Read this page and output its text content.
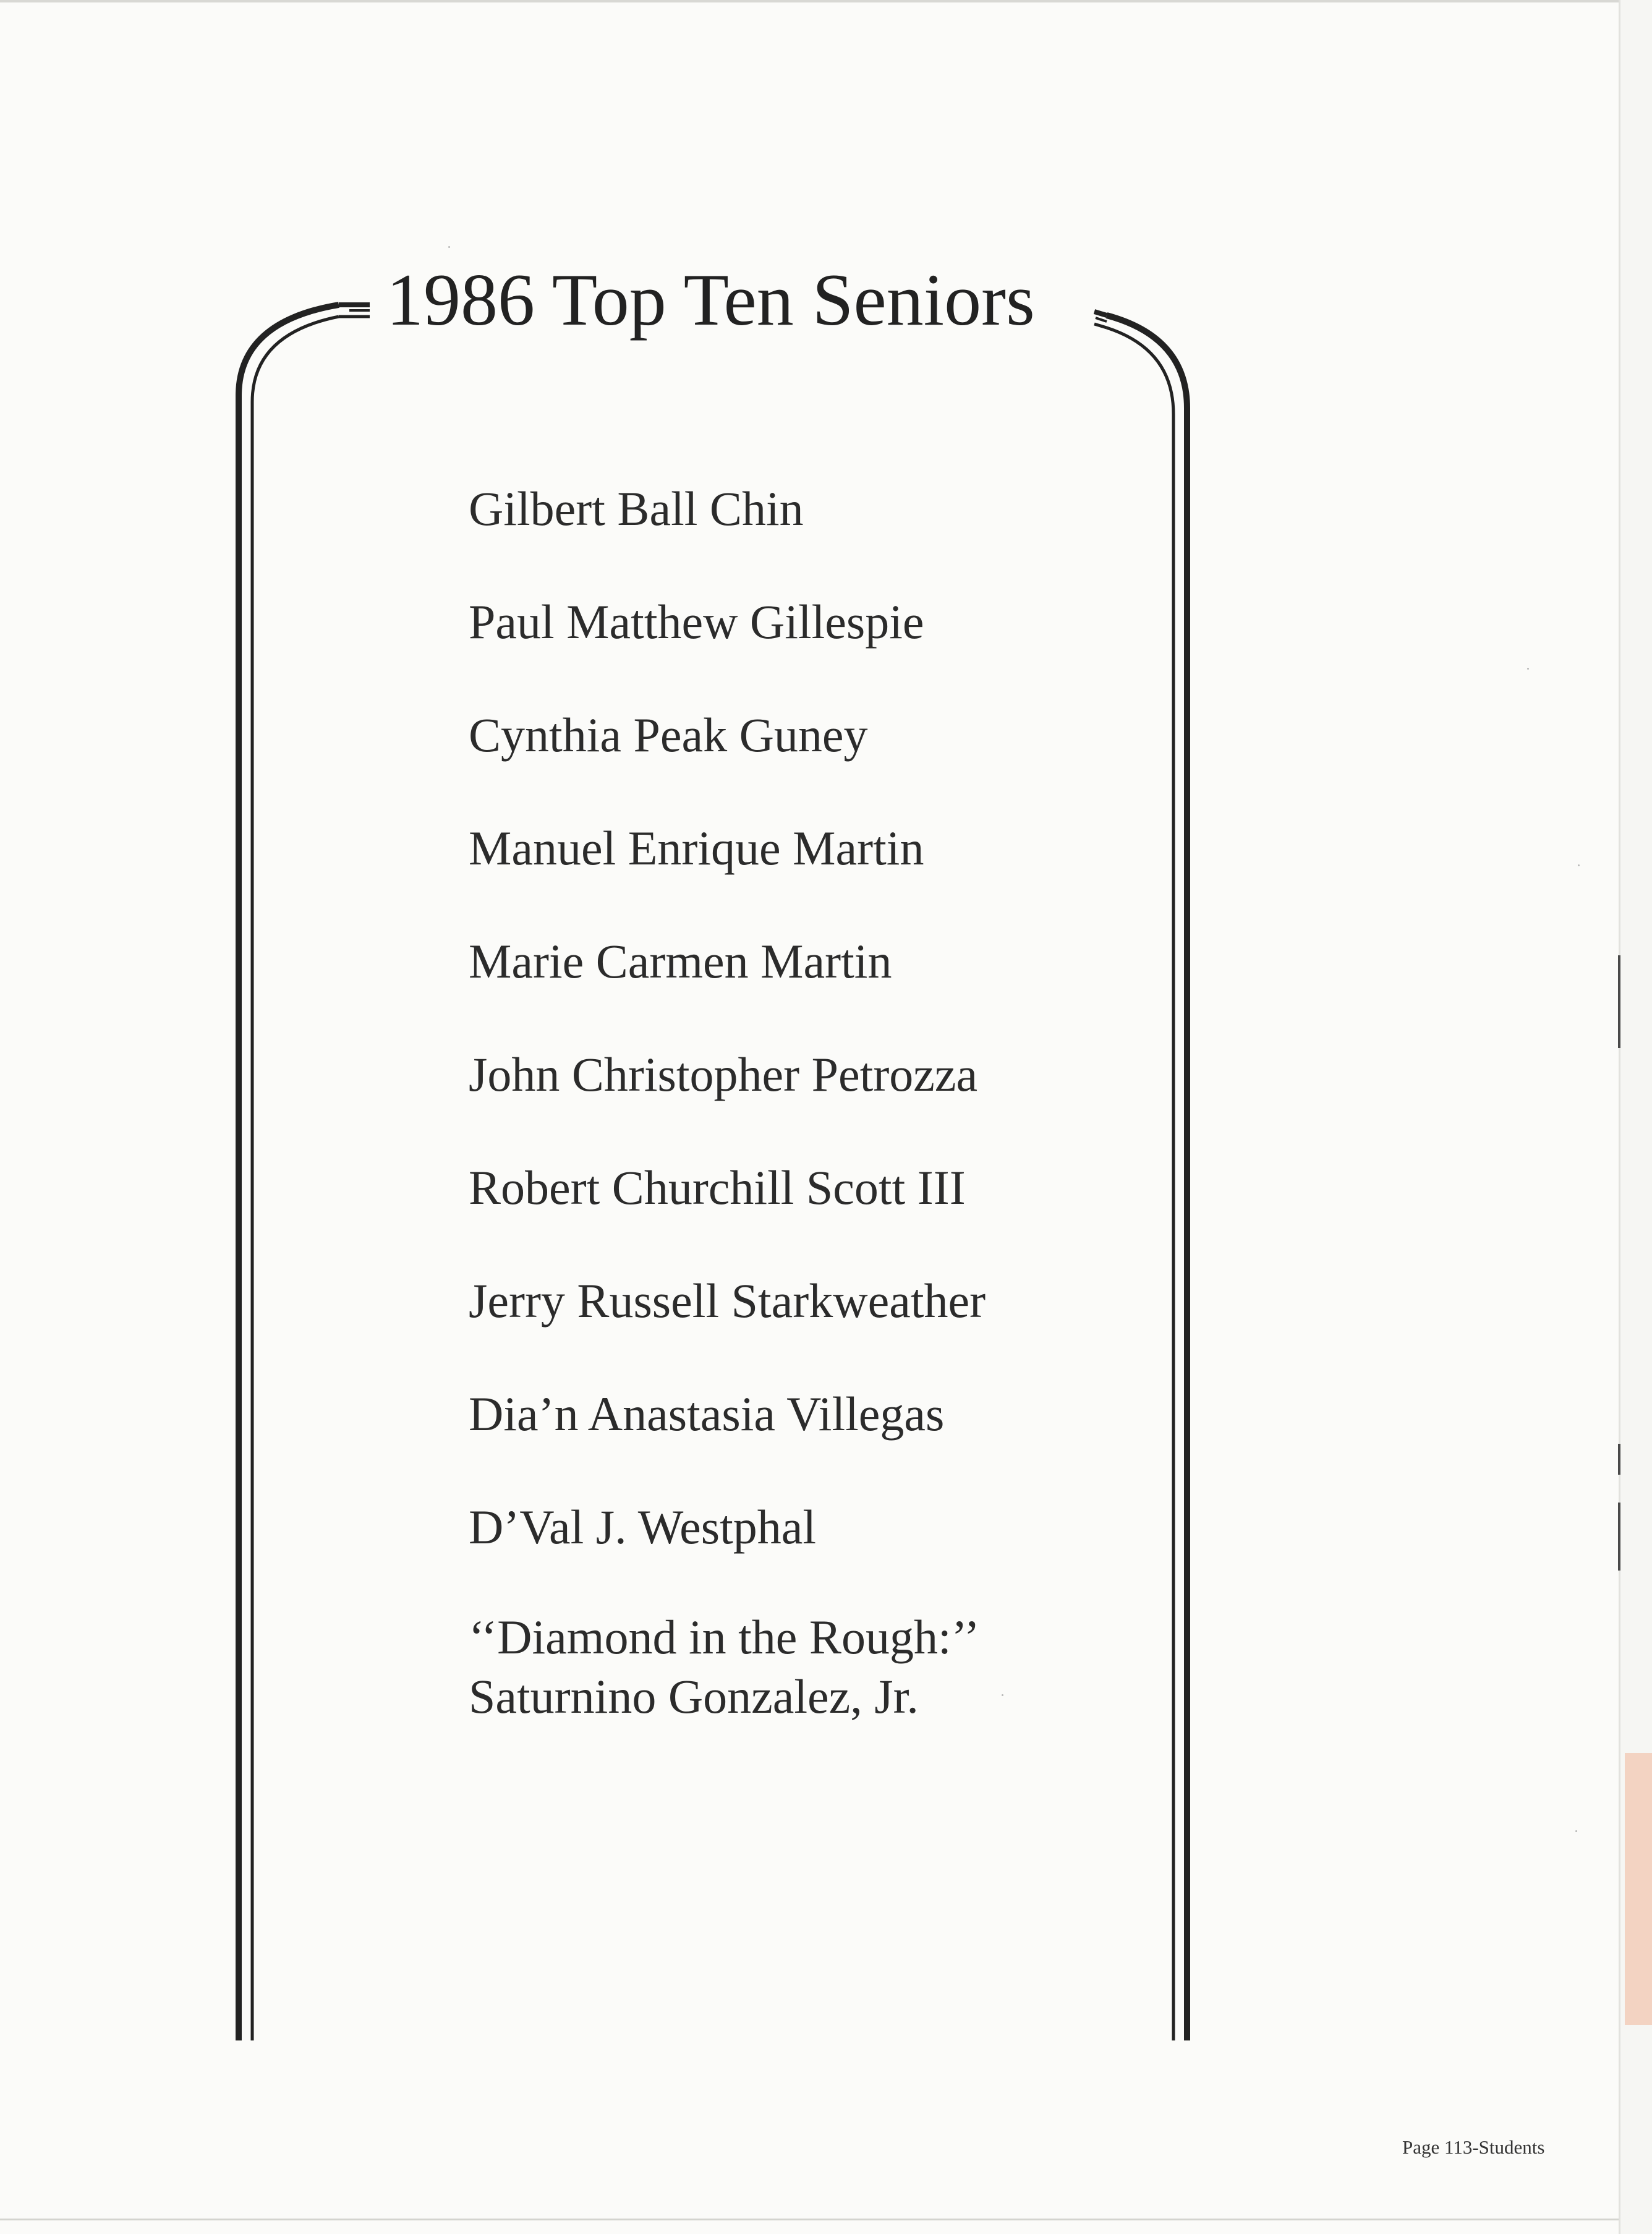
1986 Top Ten Seniors
Gilbert Ball Chin
Paul Matthew Gillespie
Cynthia Peak Guney
Manuel Enrique Martin
Marie Carmen Martin
John Christopher Petrozza
Robert Churchill Scott III
Jerry Russell Starkweather
Dia’n Anastasia Villegas
D’Val J. Westphal
‘‘Diamond in the Rough:’’
Saturnino Gonzalez, Jr.
Page 113-Students
